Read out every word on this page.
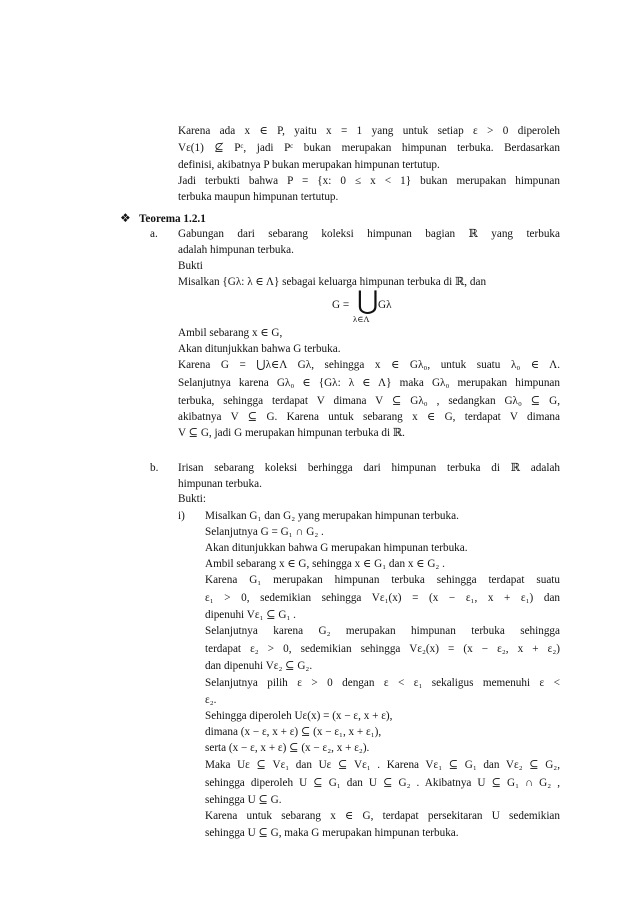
Karena ada x ∈ P, yaitu x = 1 yang untuk setiap ε > 0 diperoleh
Vε(1) ⊈ Pᶜ, jadi Pᶜ bukan merupakan himpunan terbuka. Berdasarkan
definisi, akibatnya P bukan merupakan himpunan tertutup.
Jadi terbukti bahwa P = {x: 0 ≤ x < 1} bukan merupakan himpunan
terbuka maupun himpunan tertutup.
❖ Teorema 1.2.1
a. Gabungan dari sebarang koleksi himpunan bagian ℝ yang terbuka
adalah himpunan terbuka.
Bukti
Misalkan {Gλ: λ ∈ Λ} sebagai keluarga himpunan terbuka di ℝ, dan
G = ⋃ Gλ
λ∈Λ
Ambil sebarang x ∈ G,
Akan ditunjukkan bahwa G terbuka.
Karena G = ⋃λ∈Λ Gλ, sehingga x ∈ Gλ₀, untuk suatu λ₀ ∈ Λ.
Selanjutnya karena Gλ₀ ∈ {Gλ: λ ∈ Λ} maka Gλ₀ merupakan himpunan
terbuka, sehingga terdapat V dimana V ⊆ Gλ₀ , sedangkan Gλ₀ ⊆ G,
akibatnya V ⊆ G. Karena untuk sebarang x ∈ G, terdapat V dimana
V ⊆ G, jadi G merupakan himpunan terbuka di ℝ.
b. Irisan sebarang koleksi berhingga dari himpunan terbuka di ℝ adalah
himpunan terbuka.
Bukti:
i) Misalkan G₁ dan G₂ yang merupakan himpunan terbuka.
Selanjutnya G = G₁ ∩ G₂ .
Akan ditunjukkan bahwa G merupakan himpunan terbuka.
Ambil sebarang x ∈ G, sehingga x ∈ G₁ dan x ∈ G₂ .
Karena G₁ merupakan himpunan terbuka sehingga terdapat suatu
ε₁ > 0, sedemikian sehingga Vε₁(x) = (x − ε₁, x + ε₁) dan
dipenuhi Vε₁ ⊆ G₁ .
Selanjutnya karena G₂ merupakan himpunan terbuka sehingga
terdapat ε₂ > 0, sedemikian sehingga Vε₂(x) = (x − ε₂, x + ε₂)
dan dipenuhi Vε₂ ⊆ G₂.
Selanjutnya pilih ε > 0 dengan ε < ε₁ sekaligus memenuhi ε <
ε₂.
Sehingga diperoleh Uε(x) = (x − ε, x + ε),
dimana (x − ε, x + ε) ⊆ (x − ε₁, x + ε₁),
serta (x − ε, x + ε) ⊆ (x − ε₂, x + ε₂).
Maka Uε ⊆ Vε₁ dan Uε ⊆ Vε₁ . Karena Vε₁ ⊆ G₁ dan Vε₂ ⊆ G₂,
sehingga diperoleh U ⊆ G₁ dan U ⊆ G₂ . Akibatnya U ⊆ G₁ ∩ G₂ ,
sehingga U ⊆ G.
Karena untuk sebarang x ∈ G, terdapat persekitaran U sedemikian
sehingga U ⊆ G, maka G merupakan himpunan terbuka.
